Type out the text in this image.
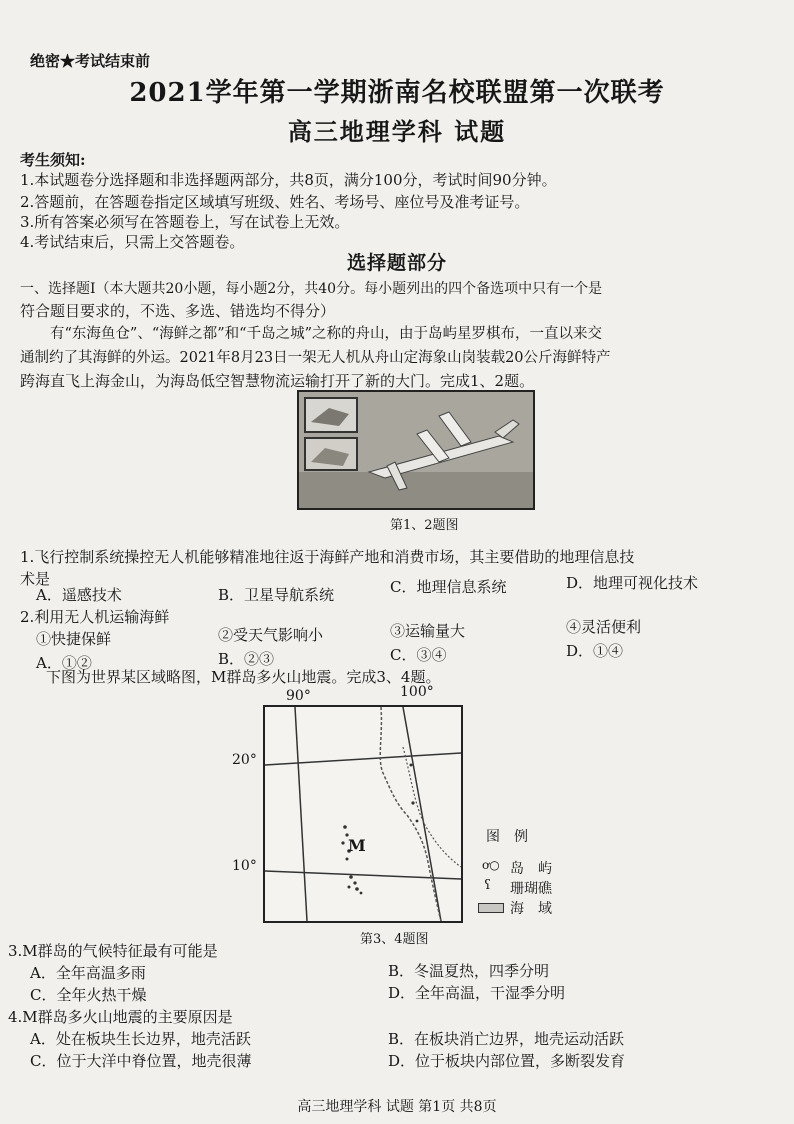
绝密★考试结束前
2021学年第一学期浙南名校联盟第一次联考
高三地理学科 试题
考生须知:
1.本试题卷分选择题和非选择题两部分，共8页，满分100分，考试时间90分钟。
2.答题前，在答题卷指定区域填写班级、姓名、考场号、座位号及准考证号。
3.所有答案必须写在答题卷上，写在试卷上无效。
4.考试结束后，只需上交答题卷。
选择题部分
一、选择题Ⅰ（本大题共20小题，每小题2分，共40分。每小题列出的四个备选项中只有一个是
符合题目要求的，不选、多选、错选均不得分）
有“东海鱼仓”、“海鲜之都”和“千岛之城”之称的舟山，由于岛屿星罗棋布，一直以来交
通制约了其海鲜的外运。2021年8月23日一架无人机从舟山定海象山岗装载20公斤海鲜特产
跨海直飞上海金山，为海岛低空智慧物流运输打开了新的大门。完成1、2题。
第1、2题图
1.飞行控制系统操控无人机能够精准地往返于海鲜产地和消费市场，其主要借助的地理信息技
术是
A．遥感技术	B．卫星导航系统	C．地理信息系统	D．地理可视化技术
2.利用无人机运输海鲜
①快捷保鲜	②受天气影响小	③运输量大	④灵活便利
A．①②	B．②③	C．③④	D．①④
下图为世界某区域略图，M群岛多火山地震。完成3、4题。
90°	100°
20°
10°
M	图　例
ơ○ 岛　屿
ʕ 珊瑚礁
海　域
第3、4题图
3.M群岛的气候特征最有可能是
A．全年高温多雨	B．冬温夏热，四季分明
C．全年火热干燥	D．全年高温，干湿季分明
4.M群岛多火山地震的主要原因是
A．处在板块生长边界，地壳活跃	B．在板块消亡边界，地壳运动活跃
C．位于大洋中脊位置，地壳很薄	D．位于板块内部位置，多断裂发育
高三地理学科 试题 第1页 共8页
